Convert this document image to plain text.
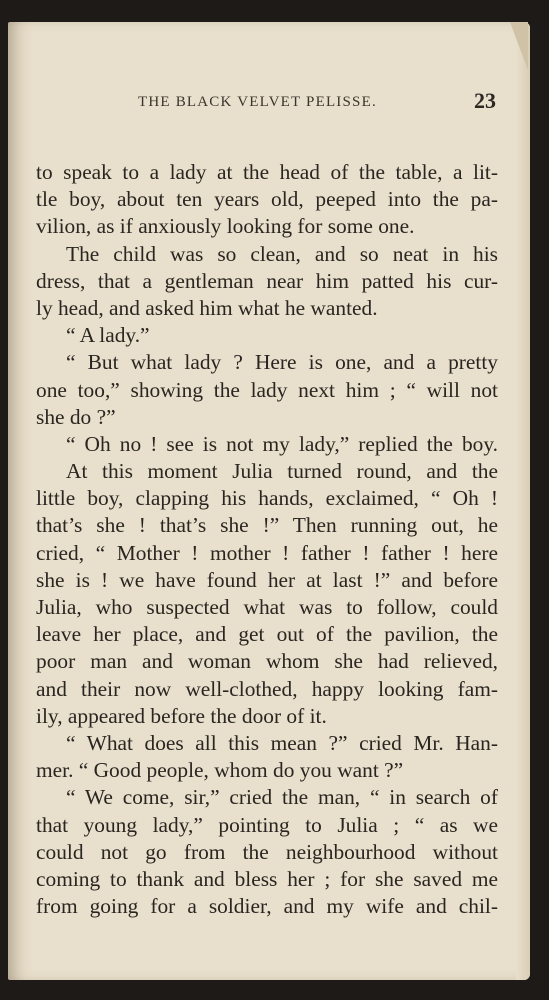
THE BLACK VELVET PELISSE.	23
to speak to a lady at the head of the table, a lit-
tle boy, about ten years old, peeped into the pa-
vilion, as if anxiously looking for some one.
The child was so clean, and so neat in his
dress, that a gentleman near him patted his cur-
ly head, and asked him what he wanted.
“ A lady.”
“ But what lady ? Here is one, and a pretty
one too,” showing the lady next him ; “ will not
she do ?”
“ Oh no ! see is not my lady,” replied the boy.
At this moment Julia turned round, and the
little boy, clapping his hands, exclaimed, “ Oh !
that’s she ! that’s she !” Then running out, he
cried, “ Mother ! mother ! father ! father ! here
she is ! we have found her at last !” and before
Julia, who suspected what was to follow, could
leave her place, and get out of the pavilion, the
poor man and woman whom she had relieved,
and their now well-clothed, happy looking fam-
ily, appeared before the door of it.
“ What does all this mean ?” cried Mr. Han-
mer. “ Good people, whom do you want ?”
“ We come, sir,” cried the man, “ in search of
that young lady,” pointing to Julia ; “ as we
could not go from the neighbourhood without
coming to thank and bless her ; for she saved me
from going for a soldier, and my wife and chil-
